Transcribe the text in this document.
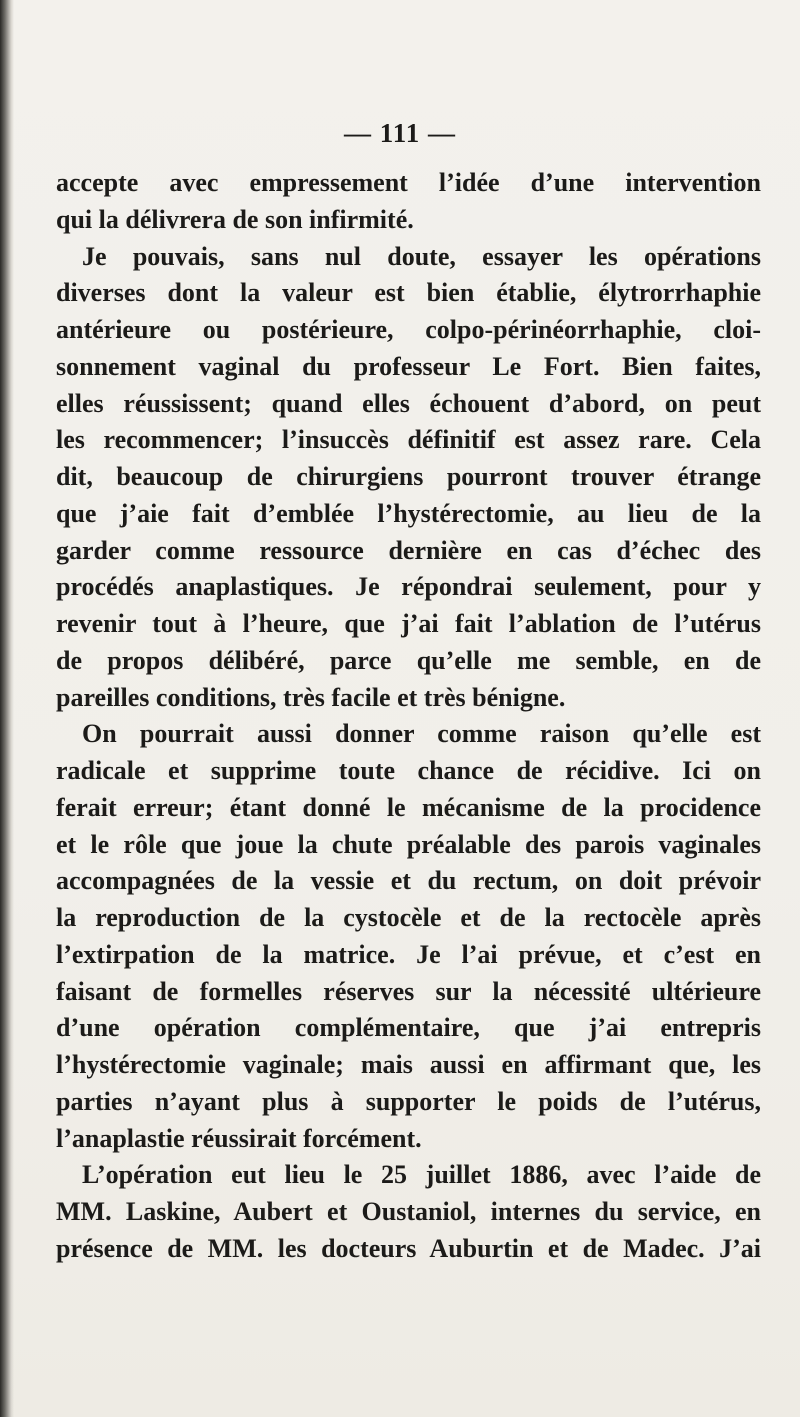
— 111 —
accepte avec empressement l’idée d’une intervention
qui la délivrera de son infirmité.
Je pouvais, sans nul doute, essayer les opérations
diverses dont la valeur est bien établie, élytrorrhaphie
antérieure ou postérieure, colpo-périnéorrhaphie, cloi-
sonnement vaginal du professeur Le Fort. Bien faites,
elles réussissent; quand elles échouent d’abord, on peut
les recommencer; l’insuccès définitif est assez rare. Cela
dit, beaucoup de chirurgiens pourront trouver étrange
que j’aie fait d’emblée l’hystérectomie, au lieu de la
garder comme ressource dernière en cas d’échec des
procédés anaplastiques. Je répondrai seulement, pour y
revenir tout à l’heure, que j’ai fait l’ablation de l’utérus
de propos délibéré, parce qu’elle me semble, en de
pareilles conditions, très facile et très bénigne.
On pourrait aussi donner comme raison qu’elle est
radicale et supprime toute chance de récidive. Ici on
ferait erreur; étant donné le mécanisme de la procidence
et le rôle que joue la chute préalable des parois vaginales
accompagnées de la vessie et du rectum, on doit prévoir
la reproduction de la cystocèle et de la rectocèle après
l’extirpation de la matrice. Je l’ai prévue, et c’est en
faisant de formelles réserves sur la nécessité ultérieure
d’une opération complémentaire, que j’ai entrepris
l’hystérectomie vaginale; mais aussi en affirmant que, les
parties n’ayant plus à supporter le poids de l’utérus,
l’anaplastie réussirait forcément.
L’opération eut lieu le 25 juillet 1886, avec l’aide de
MM. Laskine, Aubert et Oustaniol, internes du service, en
présence de MM. les docteurs Auburtin et de Madec. J’ai
